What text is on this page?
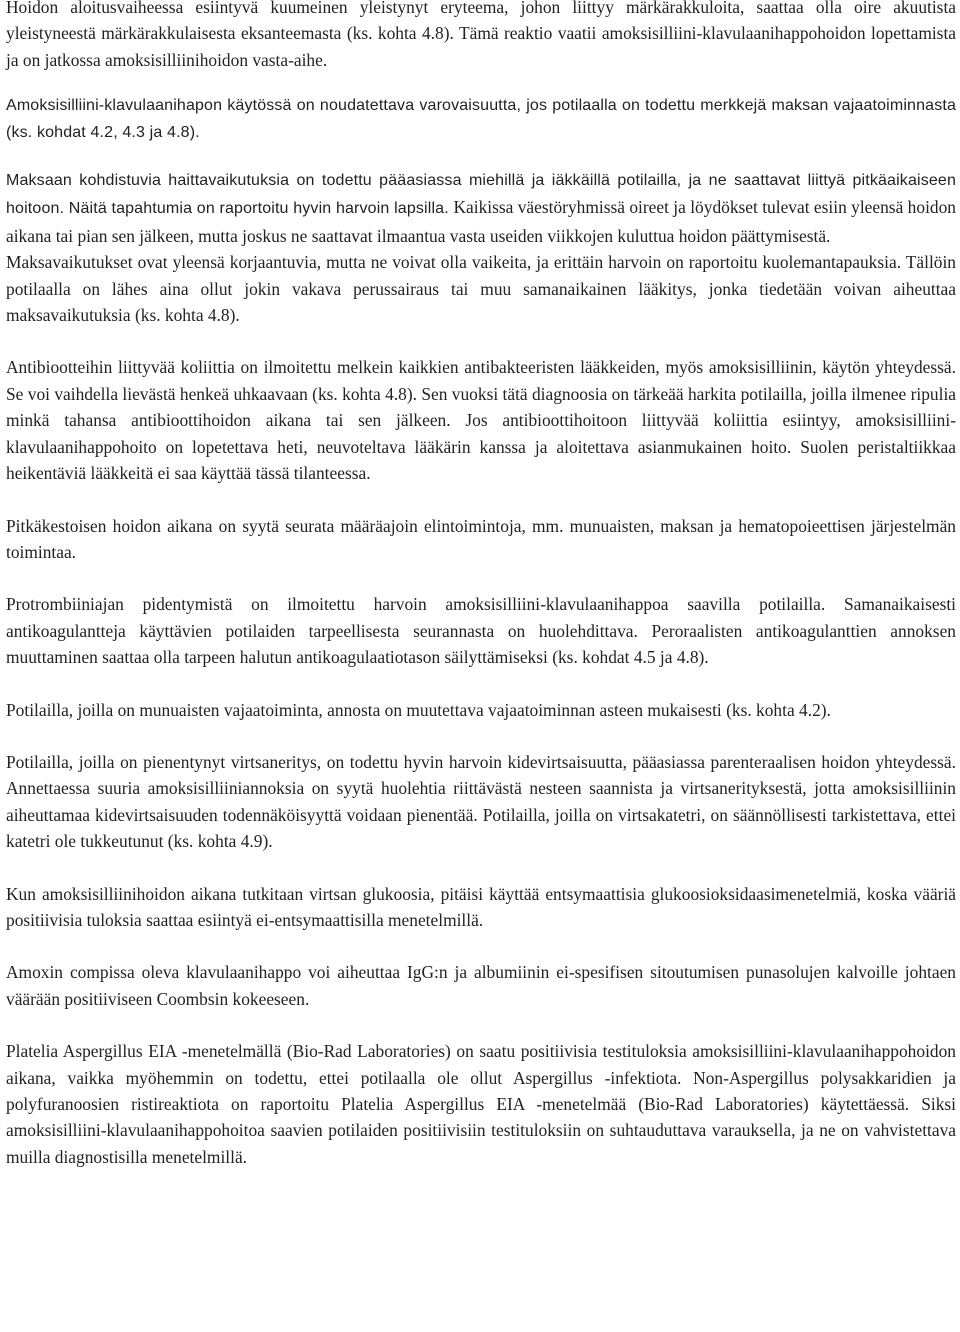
Hoidon aloitusvaiheessa esiintyvä kuumeinen yleistynyt eryteema, johon liittyy märkärakkuloita, saattaa olla oire akuutista yleistyneestä märkärakkulaisesta eksanteemasta (ks. kohta 4.8). Tämä reaktio vaatii amoksisilliini-klavulaanihappohoidon lopettamista ja on jatkossa amoksisilliinihoidon vasta-aihe.

Amoksisilliini-klavulaanihapon käytössä on noudatettava varovaisuutta, jos potilaalla on todettu merkkejä maksan vajaatoiminnasta (ks. kohdat 4.2, 4.3 ja 4.8).

Maksaan kohdistuvia haittavaikutuksia on todettu pääasiassa miehillä ja iäkkäillä potilailla, ja ne saattavat liittyä pitkäaikaiseen hoitoon. Näitä tapahtumia on raportoitu hyvin harvoin lapsilla. Kaikissa väestöryhmissä oireet ja löydökset tulevat esiin yleensä hoidon aikana tai pian sen jälkeen, mutta joskus ne saattavat ilmaantua vasta useiden viikkojen kuluttua hoidon päättymisestä.

Maksavaikutukset ovat yleensä korjaantuvia, mutta ne voivat olla vaikeita, ja erittäin harvoin on raportoitu kuolemantapauksia. Tällöin potilaalla on lähes aina ollut jokin vakava perussairaus tai muu samanaikainen lääkitys, jonka tiedetään voivan aiheuttaa maksavaikutuksia (ks. kohta 4.8).

Antibiootteihin liittyvää koliittia on ilmoitettu melkein kaikkien antibakteeristen lääkkeiden, myös amoksisilliinin, käytön yhteydessä. Se voi vaihdella lievästä henkeä uhkaavaan (ks. kohta 4.8). Sen vuoksi tätä diagnoosia on tärkeää harkita potilailla, joilla ilmenee ripulia minkä tahansa antibioottihoidon aikana tai sen jälkeen. Jos antibioottihoitoon liittyvää koliittia esiintyy, amoksisilliini-klavulaanihappohoito on lopetettava heti, neuvoteltava lääkärin kanssa ja aloitettava asianmukainen hoito. Suolen peristaltiikkaa heikentäviä lääkkeitä ei saa käyttää tässä tilanteessa.

Pitkäkestoisen hoidon aikana on syytä seurata määräajoin elintoimintoja, mm. munuaisten, maksan ja hematopoieettisen järjestelmän toimintaa.

Protrombiiniajan pidentymistä on ilmoitettu harvoin amoksisilliini-klavulaanihappoa saavilla potilailla. Samanaikaisesti antikoagulantteja käyttävien potilaiden tarpeellisesta seurannasta on huolehdittava. Peroraalisten antikoagulanttien annoksen muuttaminen saattaa olla tarpeen halutun antikoagulaatiotason säilyttämiseksi (ks. kohdat 4.5 ja 4.8).

Potilailla, joilla on munuaisten vajaatoiminta, annosta on muutettava vajaatoiminnan asteen mukaisesti (ks. kohta 4.2).

Potilailla, joilla on pienentynyt virtsaneritys, on todettu hyvin harvoin kidevirtsaisuutta, pääasiassa parenteraalisen hoidon yhteydessä. Annettaessa suuria amoksisilliiniannoksia on syytä huolehtia riittävästä nesteen saannista ja virtsanerityksestä, jotta amoksisilliinin aiheuttamaa kidevirtsaisuuden todennäköisyyttä voidaan pienentää. Potilailla, joilla on virtsakatetri, on säännöllisesti tarkistettava, ettei katetri ole tukkeutunut (ks. kohta 4.9).

Kun amoksisilliinihoidon aikana tutkitaan virtsan glukoosia, pitäisi käyttää entsymaattisia glukoosioksidaasimenetelmiä, koska vääriä positiivisia tuloksia saattaa esiintyä ei-entsymaattisilla menetelmillä.

Amoxin compissa oleva klavulaanihappo voi aiheuttaa IgG:n ja albumiinin ei-spesifisen sitoutumisen punasolujen kalvoille johtaen väärään positiiviseen Coombsin kokeeseen.

Platelia Aspergillus EIA -menetelmällä (Bio-Rad Laboratories) on saatu positiivisia testituloksia amoksisilliini-klavulaanihappohoidon aikana, vaikka myöhemmin on todettu, ettei potilaalla ole ollut Aspergillus -infektiota. Non-Aspergillus polysakkaridien ja polyfuranoosien ristireaktiota on raportoitu Platelia Aspergillus EIA -menetelmää (Bio-Rad Laboratories) käytettäessä. Siksi amoksisilliini-klavulaanihappohoitoa saavien potilaiden positiivisiin testituloksiin on suhtauduttava varauksella, ja ne on vahvistettava muilla diagnostisilla menetelmillä.
